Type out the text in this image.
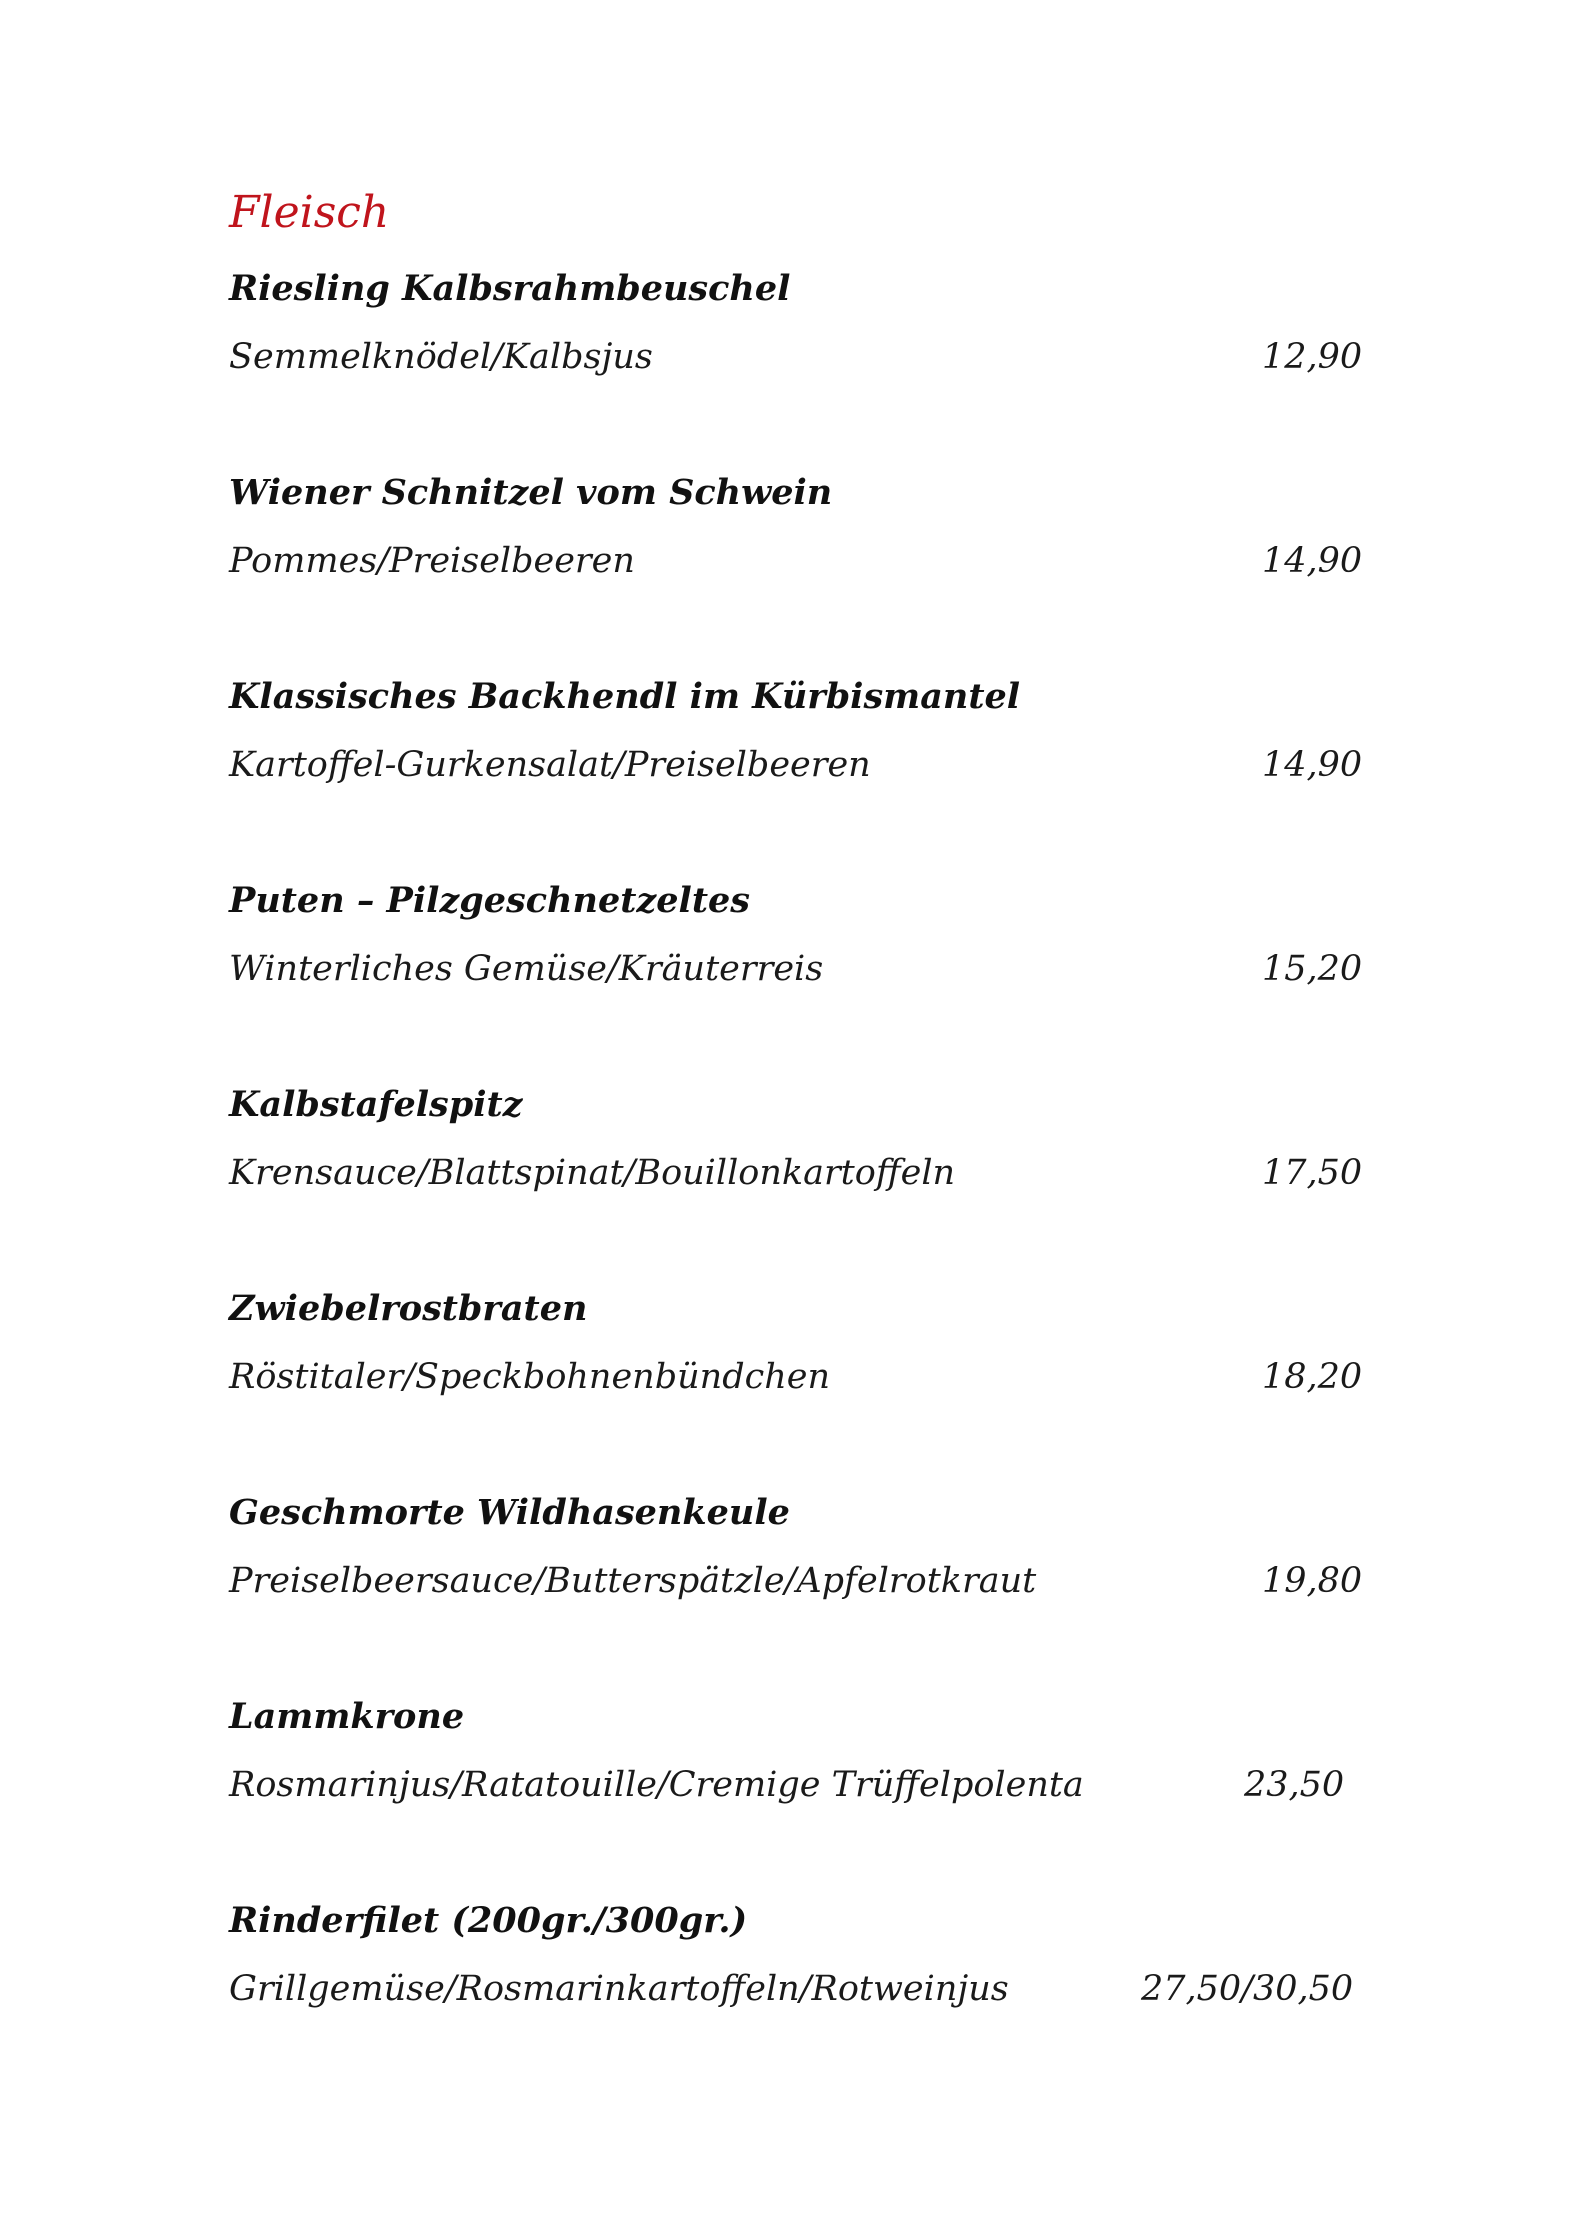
Fleisch
Riesling Kalbsrahmbeuschel
Semmelknödel/Kalbsjus	12,90
Wiener Schnitzel vom Schwein
Pommes/Preiselbeeren	14,90
Klassisches Backhendl im Kürbismantel
Kartoffel-Gurkensalat/Preiselbeeren	14,90
Puten – Pilzgeschnetzeltes
Winterliches Gemüse/Kräuterreis	15,20
Kalbstafelspitz
Krensauce/Blattspinat/Bouillonkartoffeln	17,50
Zwiebelrostbraten
Röstitaler/Speckbohnenbündchen	18,20
Geschmorte Wildhasenkeule
Preiselbeersauce/Butterspätzle/Apfelrotkraut	19,80
Lammkrone
Rosmarinjus/Ratatouille/Cremige Trüffelpolenta	23,50
Rinderfilet (200gr./300gr.)
Grillgemüse/Rosmarinkartoffeln/Rotweinjus	27,50/30,50
